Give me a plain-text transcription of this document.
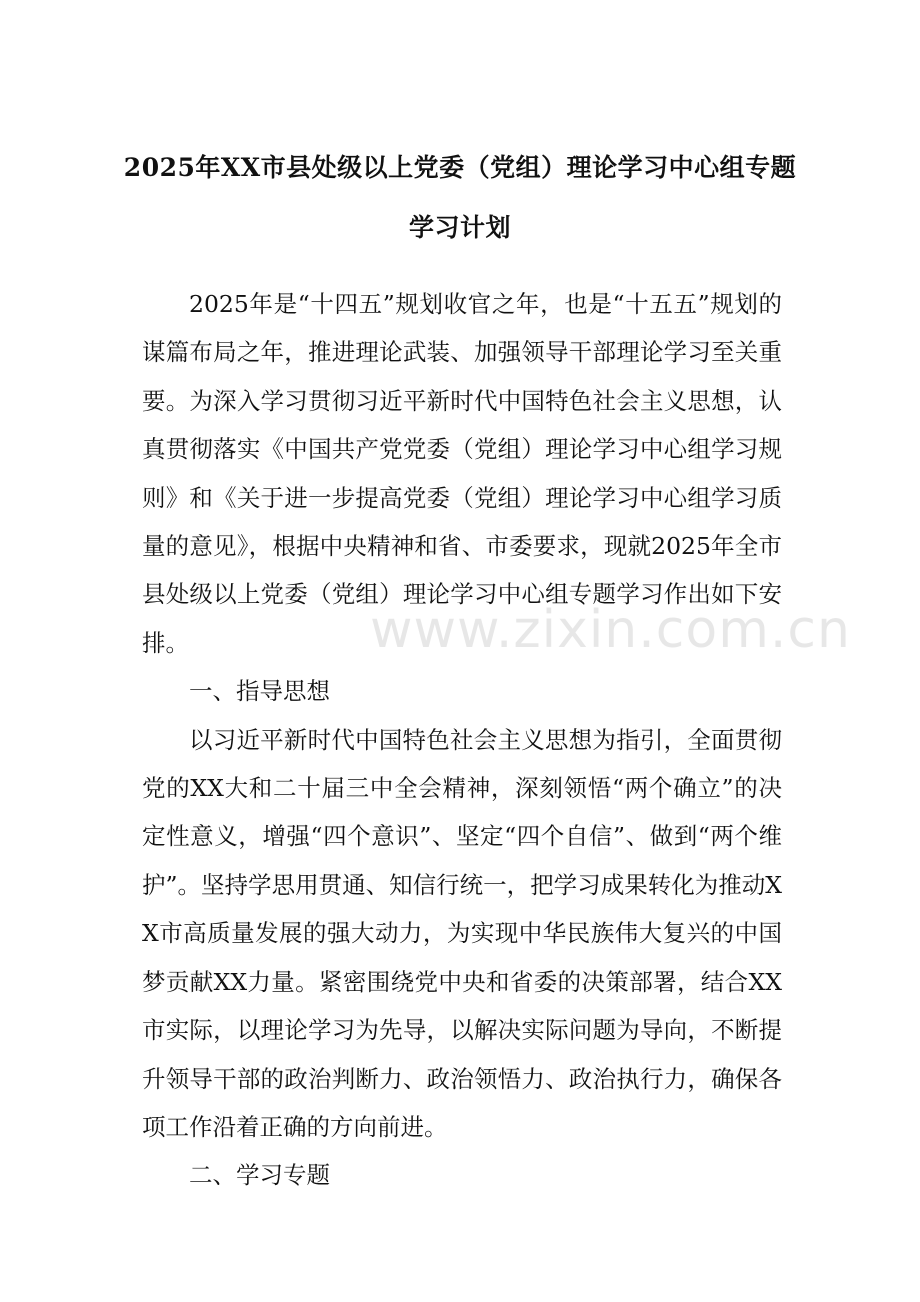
2025年XX市县处级以上党委（党组）理论学习中心组专题
学习计划

2025年是“十四五”规划收官之年，也是“十五五”规划的谋篇布局之年，推进理论武装、加强领导干部理论学习至关重要。为深入学习贯彻习近平新时代中国特色社会主义思想，认真贯彻落实《中国共产党党委（党组）理论学习中心组学习规则》和《关于进一步提高党委（党组）理论学习中心组学习质量的意见》，根据中央精神和省、市委要求，现就2025年全市县处级以上党委（党组）理论学习中心组专题学习作出如下安排。

一、指导思想

以习近平新时代中国特色社会主义思想为指引，全面贯彻党的XX大和二十届三中全会精神，深刻领悟“两个确立”的决定性意义，增强“四个意识”、坚定“四个自信”、做到“两个维护”。坚持学思用贯通、知信行统一，把学习成果转化为推动XX市高质量发展的强大动力，为实现中华民族伟大复兴的中国梦贡献XX力量。紧密围绕党中央和省委的决策部署，结合XX市实际，以理论学习为先导，以解决实际问题为导向，不断提升领导干部的政治判断力、政治领悟力、政治执行力，确保各项工作沿着正确的方向前进。

二、学习专题

www.zixin.com.cn
